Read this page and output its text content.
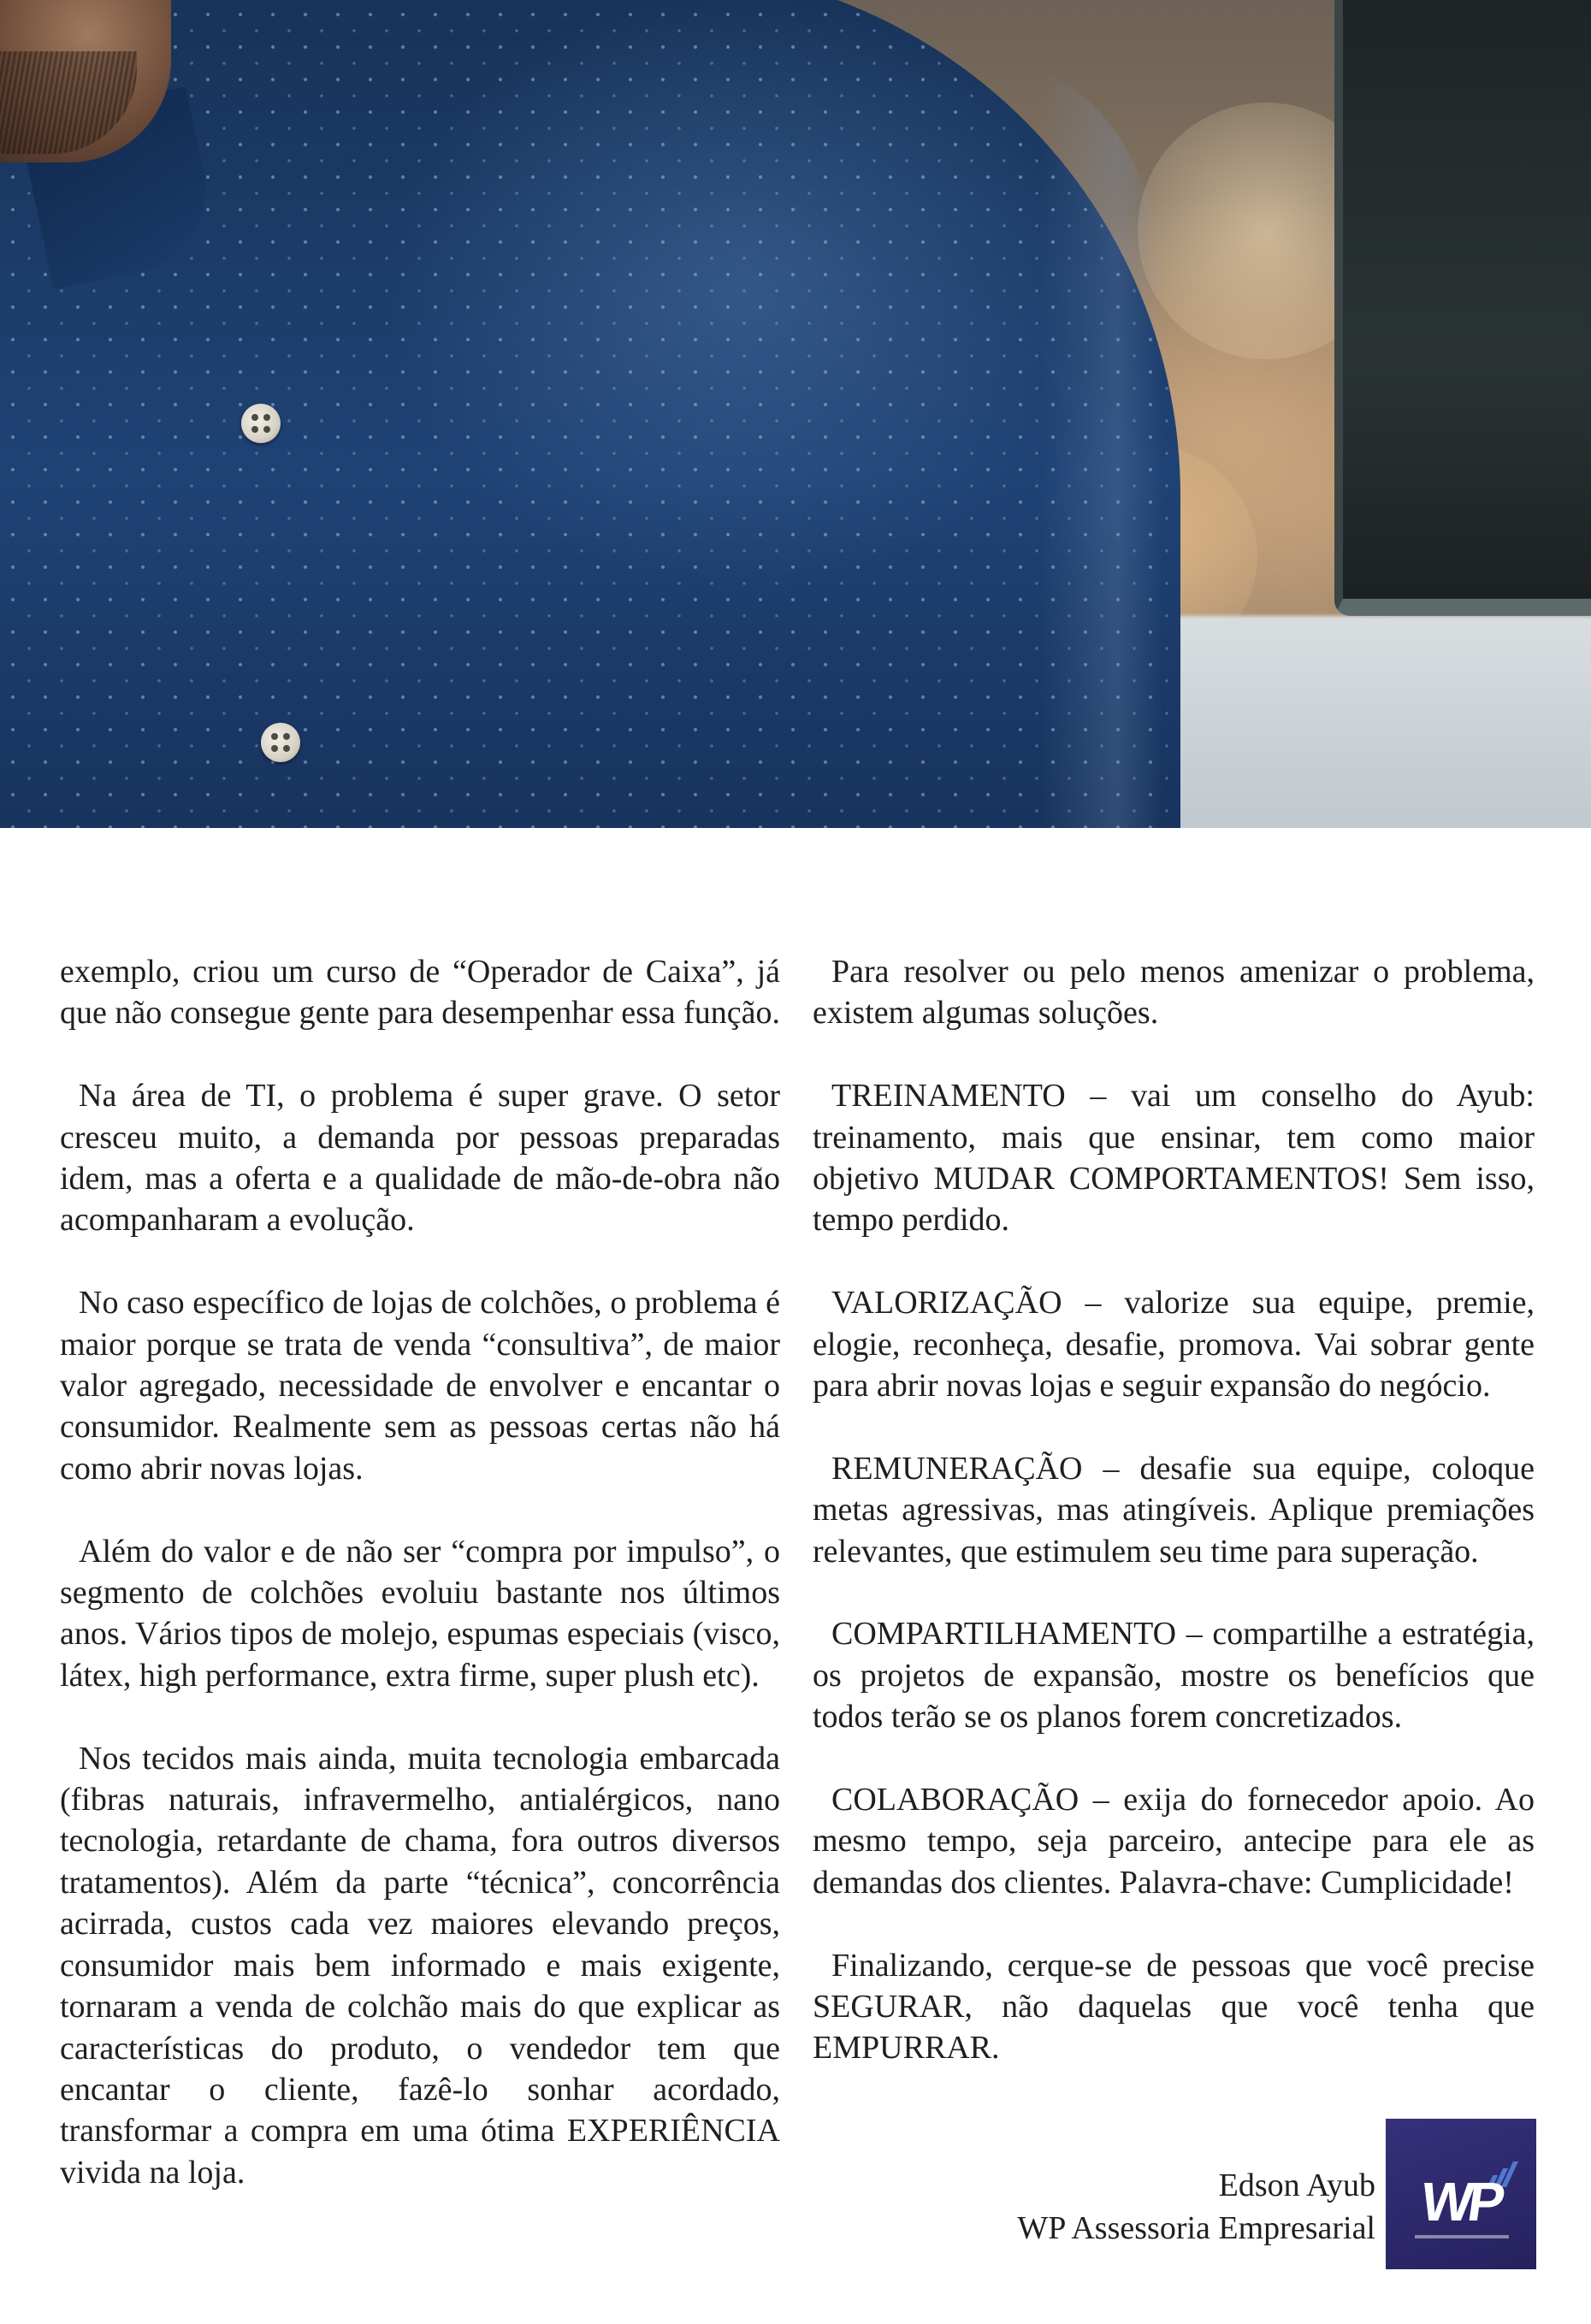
exemplo, criou um curso de “Operador de Caixa”, já que não consegue gente para desempenhar essa função.

Na área de TI, o problema é super grave. O setor cresceu muito, a demanda por pessoas preparadas idem, mas a oferta e a qualidade de mão-de-obra não acompanharam a evolução.

No caso específico de lojas de colchões, o problema é maior porque se trata de venda “consultiva”, de maior valor agregado, necessidade de envolver e encantar o consumidor. Realmente sem as pessoas certas não há como abrir novas lojas.

Além do valor e de não ser “compra por impulso”, o segmento de colchões evoluiu bastante nos últimos anos. Vários tipos de molejo, espumas especiais (visco, látex, high performance, extra firme, super plush etc).

Nos tecidos mais ainda, muita tecnologia embarcada (fibras naturais, infravermelho, antialérgicos, nano tecnologia, retardante de chama, fora outros diversos tratamentos). Além da parte “técnica”, concorrência acirrada, custos cada vez maiores elevando preços, consumidor mais bem informado e mais exigente, tornaram a venda de colchão mais do que explicar as características do produto, o vendedor tem que encantar o cliente, fazê-lo sonhar acordado, transformar a compra em uma ótima EXPERIÊNCIA vivida na loja.

Para resolver ou pelo menos amenizar o problema, existem algumas soluções.

TREINAMENTO – vai um conselho do Ayub: treinamento, mais que ensinar, tem como maior objetivo MUDAR COMPORTAMENTOS! Sem isso, tempo perdido.

VALORIZAÇÃO – valorize sua equipe, premie, elogie, reconheça, desafie, promova. Vai sobrar gente para abrir novas lojas e seguir expansão do negócio.

REMUNERAÇÃO – desafie sua equipe, coloque metas agressivas, mas atingíveis. Aplique premiações relevantes, que estimulem seu time para superação.

COMPARTILHAMENTO – compartilhe a estratégia, os projetos de expansão, mostre os benefícios que todos terão se os planos forem concretizados.

COLABORAÇÃO – exija do fornecedor apoio. Ao mesmo tempo, seja parceiro, antecipe para ele as demandas dos clientes. Palavra-chave: Cumplicidade!

Finalizando, cerque-se de pessoas que você precise SEGURAR, não daquelas que você tenha que EMPURRAR.

Edson Ayub
WP Assessoria Empresarial WP
